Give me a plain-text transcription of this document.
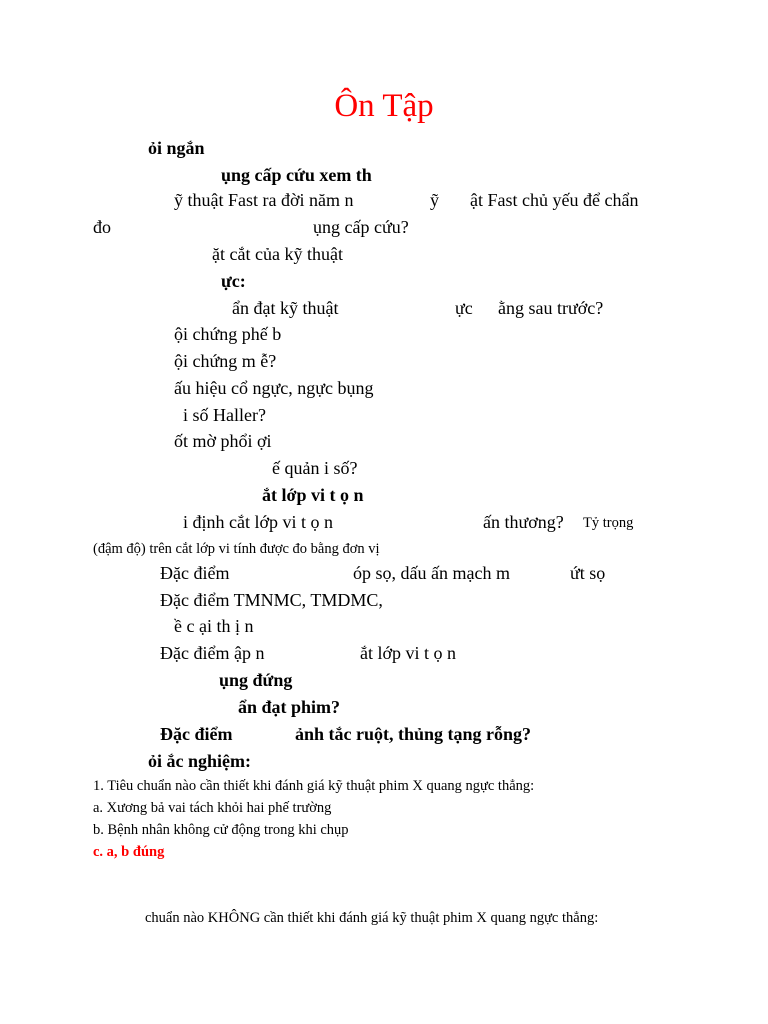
Ôn Tập
ỏi ngắn
ụng cấp cứu xem th
ỹ thuật Fast ra đời năm n	ỹ ật Fast chủ yếu để chẩn
đo	ụng cấp cứu?
ặt cắt của kỹ thuật
ực:
ẩn đạt kỹ thuật	ực ằng sau trước?
ội chứng phế b
ội chứng m ễ?
ấu hiệu cổ ngực, ngực bụng
i số Haller?
ốt mờ phổi ợi
ế quản i số?
ắt lớp vi t ọ n
i định cắt lớp vi t ọ n	ấn thương? Tỷ trọng
(đậm độ) trên cắt lớp vi tính được đo bằng đơn vị
Đặc điểm	óp sọ, dấu ấn mạch m	ứt sọ
Đặc điểm TMNMC, TMDMC,
ề c ại th ị n
Đặc điểm ập n	ắt lớp vi t ọ n
ụng đứng
ẩn đạt phim?
Đặc điểm	ảnh tắc ruột, thủng tạng rỗng?
ỏi ắc nghiệm:
1. Tiêu chuẩn nào cần thiết khi đánh giá kỹ thuật phim X quang ngực thẳng:
a. Xương bả vai tách khỏi hai phế trường
b. Bệnh nhân không cử động trong khi chụp
c. a, b đúng
chuẩn nào KHÔNG cần thiết khi đánh giá kỹ thuật phim X quang ngực thẳng:
